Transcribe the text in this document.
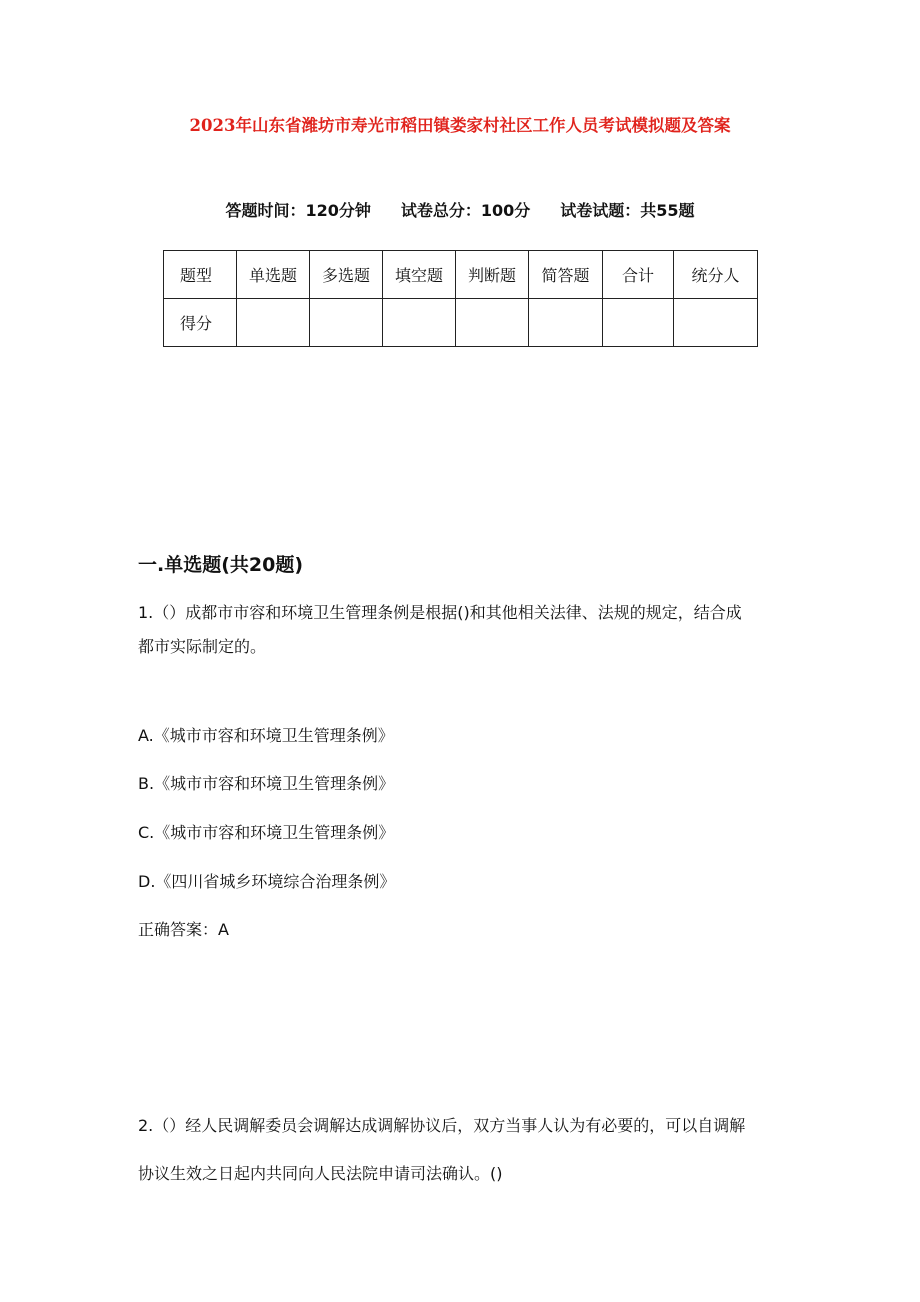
2023年山东省潍坊市寿光市稻田镇娄家村社区工作人员考试模拟题及答案
答题时间：120分钟 试卷总分：100分 试卷试题：共55题
题型	单选题	多选题	填空题	判断题	简答题	合计	统分人
得分							
一.单选题(共20题)
1.（）成都市市容和环境卫生管理条例是根据()和其他相关法律、法规的规定，结合成
都市实际制定的。
A.《城市市容和环境卫生管理条例》
B.《城市市容和环境卫生管理条例》
C.《城市市容和环境卫生管理条例》
D.《四川省城乡环境综合治理条例》
正确答案：A
2.（）经人民调解委员会调解达成调解协议后，双方当事人认为有必要的，可以自调解
协议生效之日起内共同向人民法院申请司法确认。()
